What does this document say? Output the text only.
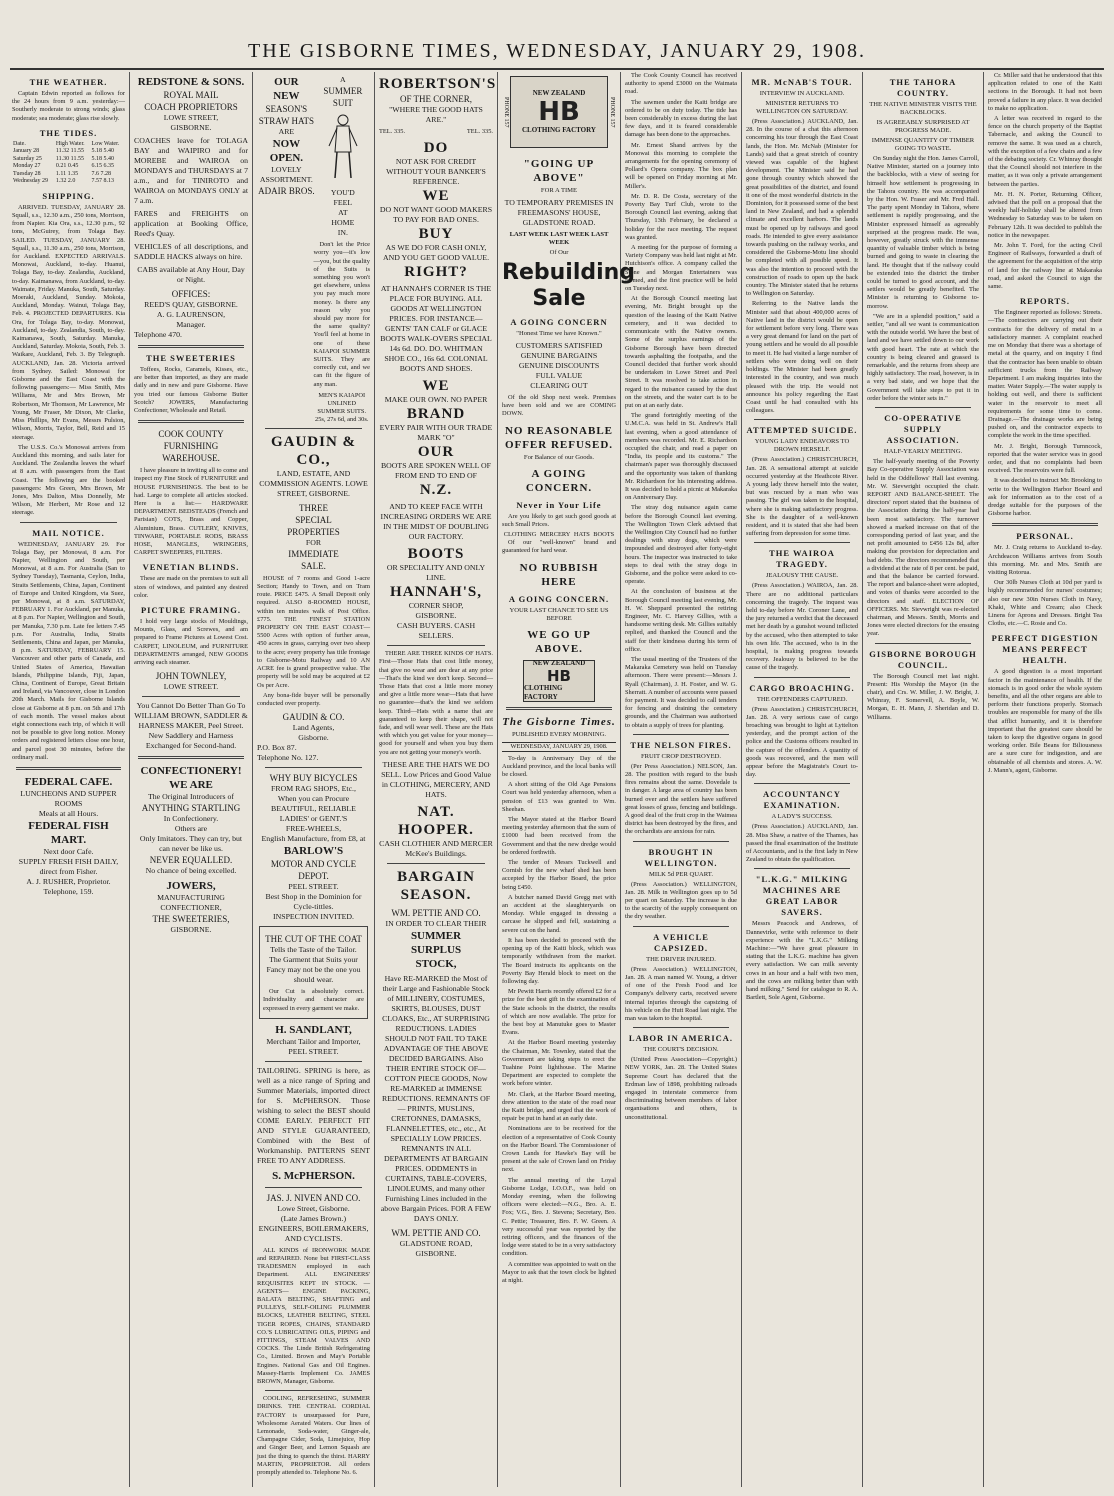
THE GISBORNE TIMES, WEDNESDAY, JANUARY 29, 1908.
THE WEATHER.
Captain Edwin reported as follows for the 24 hours from 9 a.m. yesterday:—Southerly moderate to strong winds; glass moderate; sea moderate; glass rise slowly.
THE TIDES.
Date.	High Water.	Low Water.
January 28	11.32 11.55	5.18 5.40
Saturday 25	11.30 11.55	5.18 5.40
Monday 27	0.21 0.45	6.15 6.35
Tuesday 28	1.11 1.35	7.6 7.28
Wednesday 29	1.32 2.0	7.57 8.13
SHIPPING.
ARRIVED. TUESDAY, JANUARY 28. Squall, s.s., 12.30 a.m., 250 tons, Morrison, from Napier. Kia Ora, s.s., 12.30 p.m., 92 tons, McGuirey, from Tolaga Bay. SAILED. TUESDAY, JANUARY 28. Squall, s.s., 11.30 a.m., 250 tons, Morrison, for Auckland. EXPECTED ARRIVALS. Monowai, Auckland, to-day. Huanui, Tolaga Bay, to-day. Zealandia, Auckland, to-day. Kaimanawa, from Auckland, to-day. Waimate, Friday. Manuka, South, Saturday. Moeraki, Auckland, Sunday. Mokoia, Auckland, Monday. Wainui, Tolaga Bay, Feb. 4. PROJECTED DEPARTURES. Kia Ora, for Tolaga Bay, to-day. Monowai, Auckland, to-day. Zealandia, South, to-day. Kaimanawa, South, Saturday. Manuka, Auckland, Saturday. Mokoia, South, Feb. 3. Waikare, Auckland, Feb. 3. By Telegraph. AUCKLAND, Jan. 28. Victoria arrived from Sydney. Sailed: Monowai for Gisborne and the East Coast with the following passengers:— Miss Smith, Mrs Williams, Mr and Mrs Brown, Mr Robertson, Mr Thomson, Mr Lawrence, Mr Young, Mr Fraser, Mr Dixon, Mr Clarke, Miss Phillips, Mr Evans, Messrs Pulsion, Wilson, Morris, Taylor, Bell, Reid and 15 steerage.
The U.S.S. Co.'s Monowai arrives from Auckland this morning, and sails later for Auckland. The Zealandia leaves the wharf at 8 a.m. with passengers from the East Coast. The following are the booked passengers: Mrs Green, Mrs Brown, Mr Jones, Mrs Dalton, Miss Donnelly, Mr Wilson, Mr Herbert, Mr Rose and 12 steerage.
MAIL NOTICE.
WEDNESDAY, JANUARY 29. For Tolaga Bay, per Monowai, 8 a.m. For Napier, Wellington and South, per Monowai, at 8 a.m. For Australia (San to Sydney Tuesday), Tasmania, Ceylon, India, Straits Settlements, China, Japan, Continent of Europe and United Kingdom, via Suez, per Monowai, at 8 a.m. SATURDAY, FEBRUARY 1. For Auckland, per Manuka, at 8 p.m. For Napier, Wellington and South, per Manuka, 7.30 p.m. Late fee letters 7.45 p.m. For Australia, India, Straits Settlements, China and Japan, per Manuka, 8 p.m. SATURDAY, FEBRUARY 15. Vancouver and other parts of Canada, and United States of America, Hawaiian Islands, Philippine Islands, Fiji, Japan, China, Continent of Europe, Great Britain and Ireland, via Vancouver, close in London 20th March. Mails for Gisborne Islands close at Gisborne at 8 p.m. on 5th and 17th of each month. The vessel makes about eight connections each trip, of which it will not be possible to give long notice. Money orders and registered letters close one hour, and parcel post 30 minutes, before the ordinary mail.
FEDERAL CAFE.
LUNCHEONS AND SUPPER ROOMS
Meals at all Hours.
FEDERAL FISH MART.
Next door Cafe.
SUPPLY FRESH FISH DAILY, direct from Fisher.
A. J. RUSHER, Proprietor.
Telephone, 159.
REDSTONE & SONS.
ROYAL MAIL
COACH PROPRIETORS
LOWE STREET,
GISBORNE.
COACHES leave for TOLAGA BAY and WAIPIRO and for MOREBE and WAIROA on MONDAYS and THURSDAYS at 7 a.m., and for TINIROTO and WAIROA on MONDAYS ONLY at 7 a.m.
FARES and FREIGHTS on application at Booking Office, Reed's Quay.
VEHICLES of all descriptions, and SADDLE HACKS always on hire.
CABS available at Any Hour, Day or Night.
OFFICES:
REED'S QUAY, GISBORNE.
A. G. LAURENSON,
Manager.
Telephone 470.
THE SWEETERIES
Toffees, Rocks, Caramels, Kisses, etc., are better than imported, as they are made daily and in new and pure Gisborne. Have you tried our famous Gisborne Butter Scotch? JOWERS, Manufacturing Confectioner, Wholesale and Retail.
COOK COUNTY
FURNISHING
WAREHOUSE.
I have pleasure in inviting all to come and inspect my Fine Stock of FURNITURE and HOUSE FURNISHINGS. The best to be had. Large to complete all articles stocked. Here is a list:— HARDWARE DEPARTMENT. BEDSTEADS (French and Parisian) COTS, Brass and Copper, Aluminium, Brass. CUTLERY, KNIVES, TINWARE, PORTABLE RODS, BRASS HOSE, MANGLES, WRINGERS, CARPET SWEEPERS, FILTERS.
VENETIAN BLINDS.
These are made on the premises to suit all sizes of windows, and painted any desired color.
PICTURE FRAMING.
I hold very large stocks of Mouldings, Mounts, Glass, and Screwes, and am prepared to Frame Pictures at Lowest Cost. CARPET, LINOLEUM, and FURNITURE DEPARTMENTS arranged, NEW GOODS arriving each steamer.
JOHN TOWNLEY,
LOWE STREET.
You Cannot Do Better Than Go To WILLIAM BROWN, SADDLER & HARNESS MAKER, Peel Street. New Saddlery and Harness Exchanged for Second-hand.
CONFECTIONERY!
WE ARE
The Original Introducers of
ANYTHING STARTLING
In Confectionery.
Others are
Only Imitators. They can try, but can never be like us.
NEVER EQUALLED.
No chance of being excelled.
JOWERS,
MANUFACTURING CONFECTIONER,
THE SWEETERIES,
GISBORNE.
OUR
NEW
SEASON'S
STRAW HATS
ARE
NOW OPEN.
LOVELY ASSORTMENT.
ADAIR BROS.
A
SUMMER
SUIT
YOU'D
FEEL
AT
HOME
IN.
Don't let the Price worry you—it's low—you, but the quality of the Suits is something you won't get elsewhere, unless you pay much more money. Is there any reason why you should pay more for the same quality? You'll feel at home in one of these KAIAPOI SUMMER SUITS. They are correctly cut, and we can fit the figure of any man.
MEN'S KAIAPOI UNLINED SUMMER SUITS. 25s, 27s 6d, and 30s.
GAUDIN & CO.,
LAND, ESTATE, AND COMMISSION AGENTS. LOWE STREET, GISBORNE.
THREE
SPECIAL
PROPERTIES
FOR
IMMEDIATE
SALE.
HOUSE of 7 rooms and Good 1-acre Section; Handy to Town, and on Tram route. PRICE £475. A Small Deposit only required. ALSO 8-ROOMED HOUSE, within ten minutes walk of Post Office. £775. THE FINEST STATION PROPERTY ON THE EAST COAST—5500 Acres with option of further areas, 450 acres in grass, carrying over two sheep to the acre; every property has title frontage to Gisborne-Motu Railway and 10 AN ACRE fee is grand prospective value. The property will be sold may be acquired at £2 Os per Acre.
Any bona-fide buyer will be personally conducted over property.
GAUDIN & CO.
Land Agents,
Gisborne.
P.O. Box 87.
Telephone No. 127.
WHY BUY BICYCLES
FROM RAG SHOPS, Etc.,
When you can Procure
BEAUTIFUL, RELIABLE
LADIES' or GENT.'S
FREE-WHEELS,
English Manufacture, from £8, at
BARLOW'S
MOTOR AND CYCLE DEPOT.
PEEL STREET.
Best Shop in the Dominion for Cycle-tittles.
INSPECTION INVITED.
THE CUT OF THE COAT
Tells the Taste of the Tailor.
The Garment that Suits your Fancy may not be the one you should wear.
Our Cut is absolutely correct. Individuality and character are expressed in every garment we make.
H. SANDLANT,
Merchant Tailor and Importer,
PEEL STREET.
TAILORING. SPRING is here, as well as a nice range of Spring and Summer Materials, imported direct for S. McPHERSON. Those wishing to select the BEST should COME EARLY. PERFECT FIT AND STYLE GUARANTEED, Combined with the Best of Workmanship. PATTERNS SENT FREE TO ANY ADDRESS.
S. McPHERSON.
JAS. J. NIVEN AND CO.
Lowe Street, Gisborne.
(Late James Brown.)
ENGINEERS, BOILERMAKERS, AND CYCLISTS.
ALL KINDS of IRONWORK MADE and REPAIRED. None but FIRST-CLASS TRADESMEN employed in each Department. ALL ENGINEERS' REQUISITES KEPT IN STOCK. —AGENTS— ENGINE PACKING, BALATA BELTING, SHAFTING and PULLEYS, SELF-OILING PLUMMER BLOCKS, LEATHER BELTING, STEEL TIGER ROPES, CHAINS, STANDARD CO.'S LUBRICATING OILS, PIPING and FITTINGS, STEAM VALVES AND COCKS. The Linde British Refrigerating Co., Limited. Brown and May's Portable Engines. National Gas and Oil Engines. Massey-Harris Implement Co. JAMES BROWN, Manager, Gisborne.
COOLING, REFRESHING, SUMMER DRINKS. THE CENTRAL CORDIAL FACTORY is unsurpassed for Pure, Wholesome Aerated Waters. Our lines of Lemonade, Soda-water, Ginger-ale, Champagne Cider, Soda, Limejuice, Hop and Ginger Beer, and Lemon Squash are just the thing to quench the thirst. HARRY MARTIN, PROPRIETOR. All orders promptly attended to. Telephone No. 6.
ROBERTSON'S
OF THE CORNER,
"WHERE THE GOOD HATS ARE."
TEL. 335.	TEL. 335.
DO
NOT ASK FOR CREDIT WITHOUT YOUR BANKER'S REFERENCE.
WE
DO NOT WANT GOOD MAKERS TO PAY FOR BAD ONES.
BUY
AS WE DO FOR CASH ONLY, AND YOU GET GOOD VALUE.
RIGHT?
AT HANNAH'S CORNER IS THE PLACE FOR BUYING. ALL GOODS AT WELLINGTON PRICES. FOR INSTANCE— GENTS' TAN CALF or GLACE BOOTS WALK-OVERS SPECIAL 14s 6d. DO. DO. WHITMAN SHOE CO., 16s 6d. COLONIAL BOOTS AND SHOES.
WE
MAKE OUR OWN. NO PAPER
BRAND
EVERY PAIR WITH OUR TRADE MARK "O"
OUR
BOOTS ARE SPOKEN WELL OF FROM END TO END OF
N.Z.
AND TO KEEP FACE WITH INCREASING ORDERS WE ARE IN THE MIDST OF DOUBLING OUR FACTORY.
BOOTS
OR SPECIALITY AND ONLY LINE.
HANNAH'S,
CORNER SHOP,
GISBORNE.
CASH BUYERS. CASH SELLERS.
THERE ARE THREE KINDS OF HATS. First—Those Hats that cost little money, that give no wear and are dear at any price—That's the kind we don't keep. Second—Those Hats that cost a little more money and give a little more wear—Hats that have no guarantee—that's the kind we seldom keep. Third—Hats with a name that are guaranteed to keep their shape, will not fade, and will wear well. These are the Hats with which you get value for your money—good for yourself and when you buy them you are not getting your money's worth.
THESE ARE THE HATS WE DO SELL. Low Prices and Good Value in CLOTHING, MERCERY, AND HATS.
NAT. HOOPER.
CASH CLOTHIER AND MERCER McKee's Buildings.
BARGAIN
SEASON.
WM. PETTIE AND CO.
IN ORDER TO CLEAR THEIR
SUMMER
SURPLUS
STOCK,
Have RE-MARKED the Most of their Large and Fashionable Stock of MILLINERY, COSTUMES, SKIRTS, BLOUSES, DUST CLOAKS, Etc., AT SURPRISING REDUCTIONS. LADIES SHOULD NOT FAIL TO TAKE ADVANTAGE OF THE ABOVE DECIDED BARGAINS. Also THEIR ENTIRE STOCK OF— COTTON PIECE GOODS, Now RE-MARKED at IMMENSE REDUCTIONS. REMNANTS OF— PRINTS, MUSLINS, CRETONNES, DAMASKS, FLANNELETTES, etc., etc., At SPECIALLY LOW PRICES. REMNANTS IN ALL DEPARTMENTS AT BARGAIN PRICES. ODDMENTS in CURTAINS, TABLE-COVERS, LINOLEUMS, and many other Furnishing Lines included in the above Bargain Prices. FOR A FEW DAYS ONLY.
WM. PETTIE AND CO.
GLADSTONE ROAD,
GISBORNE.
PHONE 157
NEW ZEALAND
HB
CLOTHING FACTORY
PHONE 157
"GOING UP ABOVE"
FOR A TIME
TO TEMPORARY PREMISES IN FREEMASONS' HOUSE, GLADSTONE ROAD.
LAST WEEK LAST WEEK LAST WEEK
Of Our
Rebuilding
Sale
A GOING CONCERN
"Honest Time we have Known."
CUSTOMERS SATISFIED
GENUINE BARGAINS
GENUINE DISCOUNTS
FULL VALUE
CLEARING OUT
Of the old Shop next week. Premises have been sold and we are COMING DOWN.
NO REASONABLE OFFER REFUSED.
For Balance of our Goods.
A GOING CONCERN.
Never in Your Life
Are you likely to get such good goods at such Small Prices.
CLOTHING MERCERY HATS BOOTS
Of our "well-known" brand and guaranteed for hard wear.
NO RUBBISH HERE
A GOING CONCERN.
YOUR LAST CHANCE TO SEE US BEFORE
WE GO UP ABOVE.
NEW ZEALAND
HB
CLOTHING FACTORY
The Gisborne Times.
PUBLISHED EVERY MORNING.
WEDNESDAY, JANUARY 29, 1908.
To-day is Anniversary Day of the Auckland province, and the local banks will be closed.
A short sitting of the Old Age Pensions Court was held yesterday afternoon, when a pension of £13 was granted to Wm. Sheehan.
The Mayor stated at the Harbor Board meeting yesterday afternoon that the sum of £1000 had been received from the Government and that the new dredge would be ordered forthwith.
The tender of Messrs Tuckwell and Cornish for the new wharf shed has been accepted by the Harbor Board, the price being £450.
A butcher named David Gregg met with an accident at the slaughteryards on Monday. While engaged in dressing a carcase he slipped and fell, sustaining a severe cut on the hand.
It has been decided to proceed with the opening up of the Kaiti block, which was temporarily withdrawn from the market. The Board instructs its applicants on the Poverty Bay Herald block to meet on the following day.
Mr Pewitt Harris recently offered £2 for a prize for the best gift in the examination of the State schools in the district, the results of which are now available. The prize for the best boy at Manutuke goes to Master Evans.
At the Harbor Board meeting yesterday the Chairman, Mr. Townley, stated that the Government are taking steps to erect the Tuahine Point lighthouse. The Marine Department are expected to complete the work before winter.
Mr. Clark, at the Harbor Board meeting, drew attention to the state of the road near the Kaiti bridge, and urged that the work of repair be put in hand at an early date.
Nominations are to be received for the election of a representative of Cook County on the Harbor Board. The Commissioner of Crown Lands for Hawke's Bay will be present at the sale of Crown land on Friday next.
The annual meeting of the Loyal Gisborne Lodge, I.O.O.F., was held on Monday evening, when the following officers were elected:—N.G., Bro. A. E. Fox; V.G., Bro. J. Stevens; Secretary, Bro. C. Pettie; Treasurer, Bro. F. W. Green. A very successful year was reported by the retiring officers, and the finances of the lodge were stated to be in a very satisfactory condition.
A committee was appointed to wait on the Mayor to ask that the town clock be lighted at night.
The Cook County Council has received authority to spend £3000 on the Waimata road.
The sawmen under the Kaiti bridge are ordered to be on duty today. The tide has been considerably in excess during the last few days, and it is feared considerable damage has been done to the approaches.
Mr. Ernest Shand arrives by the Monowai this morning to complete the arrangements for the opening ceremony of Pollard's Opera company. The box plan will be opened on Friday morning at Mr. Miller's.
Mr. D. R. De Costa, secretary of the Poverty Bay Turf Club, wrote to the Borough Council last evening, asking that Thursday, 13th February, be declared a holiday for the race meeting. The request was granted.
A meeting for the purpose of forming a Variety Company was held last night at Mr. Hutchison's office. A company called the Stone and Morgan Entertainers was formed, and the first practice will be held on Tuesday next.
At the Borough Council meeting last evening, Mr. Bright brought up the question of the leasing of the Kaiti Native cemetery, and it was decided to communicate with the Native owners. Some of the surplus earnings of the Gisborne Borough have been directed towards asphalting the footpaths, and the Council decided that further work should be undertaken in Lowe Street and Peel Street. It was resolved to take action in regard to the nuisance caused by the dust on the streets, and the water cart is to be put on at an early date.
The grand fortnightly meeting of the U.M.C.A. was held in St. Andrew's Hall last evening, when a good attendance of members was recorded. Mr. E. Richardson occupied the chair, and read a paper on "India, its people and its customs." The chairman's paper was thoroughly discussed and the opportunity was taken of thanking Mr. Richardson for his interesting address. It was decided to hold a picnic at Makaraka on Anniversary Day.
The stray dog nuisance again came before the Borough Council last evening. The Wellington Town Clerk advised that the Wellington City Council had no further dealings with stray dogs, which were impounded and destroyed after forty-eight hours. The inspector was instructed to take steps to deal with the stray dogs in Gisborne, and the police were asked to co-operate.
At the conclusion of business at the Borough Council meeting last evening, Mr. H. W. Sheppard presented the retiring Engineer, Mr. C. Harvey Gillies, with a handsome writing desk. Mr. Gillies suitably replied, and thanked the Council and the staff for their kindness during his term of office.
The usual meeting of the Trustees of the Makaraka Cemetery was held on Tuesday afternoon. There were present:—Messrs J. Ryall (Chairman), J. H. Foster, and W. G. Sherratt. A number of accounts were passed for payment. It was decided to call tenders for fencing and draining the cemetery grounds, and the Chairman was authorised to obtain a supply of trees for planting.
THE NELSON FIRES.
FRUIT CROP DESTROYED.
(Per Press Association.) NELSON, Jan. 28. The position with regard to the bush fires remains about the same. Dovedale is in danger. A large area of country has been burned over and the settlers have suffered great losses of grass, fencing and buildings. A good deal of the fruit crop in the Waimea district has been destroyed by the fires, and the orchardists are anxious for rain.
BROUGHT IN WELLINGTON.
MILK 5d PER QUART.
(Press Association.) WELLINGTON, Jan. 28. Milk in Wellington goes up to 5d per quart on Saturday. The increase is due to the scarcity of the supply consequent on the dry weather.
A VEHICLE CAPSIZED.
THE DRIVER INJURED.
(Press Association.) WELLINGTON, Jan. 28. A man named W. Young, a driver of one of the Fresh Food and Ice Company's delivery carts, received severe internal injuries through the capsizing of his vehicle on the Hutt Road last night. The man was taken to the hospital.
LABOR IN AMERICA.
THE COURT'S DECISION.
(United Press Association—Copyright.) NEW YORK, Jan. 28. The United States Supreme Court has declared that the Erdman law of 1898, prohibiting railroads engaged in interstate commerce from discriminating between members of labor organisations and others, is unconstitutional.
MR. McNAB'S TOUR.
INTERVIEW IN AUCKLAND.
MINISTER RETURNS TO WELLINGTON ON SATURDAY.
(Press Association.) AUCKLAND, Jan. 28. In the course of a chat this afternoon concerning his tour through the East Coast lands, the Hon. Mr. McNab (Minister for Lands) said that a great stretch of country viewed was capable of the highest development. The Minister said he had gone through country which showed the great possibilities of the district, and found it one of the most wonderful districts in the Dominion, for it possessed some of the best land in New Zealand, and had a splendid climate and excellent harbors. The lands must be opened up by railways and good roads. He intended to give every assistance towards pushing on the railway works, and considered the Gisborne-Motu line should be completed with all possible speed. It was also the intention to proceed with the construction of roads to open up the back country. The Minister stated that he returns to Wellington on Saturday.
Referring to the Native lands the Minister said that about 400,000 acres of Native land in the district would be open for settlement before very long. There was a very great demand for land on the part of young settlers and he would do all possible to meet it. He had visited a large number of settlers who were doing well on their holdings. The Minister had been greatly interested in the country, and was much pleased with the trip. He would not announce his policy regarding the East Coast until he had consulted with his colleagues.
ATTEMPTED SUICIDE.
YOUNG LADY ENDEAVORS TO DROWN HERSELF.
(Press Association.) CHRISTCHURCH, Jan. 28. A sensational attempt at suicide occurred yesterday at the Heathcote River. A young lady threw herself into the water, but was rescued by a man who was passing. The girl was taken to the hospital, where she is making satisfactory progress. She is the daughter of a well-known resident, and it is stated that she had been suffering from depression for some time.
THE WAIROA TRAGEDY.
JEALOUSY THE CAUSE.
(Press Association.) WAIROA, Jan. 28. There are no additional particulars concerning the tragedy. The inquest was held to-day before Mr. Coroner Lane, and the jury returned a verdict that the deceased met her death by a gunshot wound inflicted by the accused, who then attempted to take his own life. The accused, who is in the hospital, is making progress towards recovery. Jealousy is believed to be the cause of the tragedy.
CARGO BROACHING.
THE OFFENDERS CAPTURED.
(Press Association.) CHRISTCHURCH, Jan. 28. A very serious case of cargo broaching was brought to light at Lyttelton yesterday, and the prompt action of the police and the Customs officers resulted in the capture of the offenders. A quantity of goods was recovered, and the men will appear before the Magistrate's Court to-day.
ACCOUNTANCY EXAMINATION.
A LADY'S SUCCESS.
(Press Association.) AUCKLAND, Jan. 28. Miss Shaw, a native of the Thames, has passed the final examination of the Institute of Accountants, and is the first lady in New Zealand to obtain the qualification.
"L.K.G." MILKING MACHINES ARE GREAT LABOR SAVERS.
Messrs Peacock and Andrews, of Dannevirke, write with reference to their experience with the "L.K.G." Milking Machine:—"We have great pleasure in stating that the L.K.G. machine has given every satisfaction. We can milk seventy cows in an hour and a half with two men, and the cows are milking better than with hand milking." Send for catalogue to R. A. Bartlett, Sole Agent, Gisborne.
THE TAHORA COUNTRY.
THE NATIVE MINISTER VISITS THE BACKBLOCKS.
IS AGREEABLY SURPRISED AT PROGRESS MADE.
IMMENSE QUANTITY OF TIMBER GOING TO WASTE.
On Sunday night the Hon. James Carroll, Native Minister, started on a journey into the backblocks, with a view of seeing for himself how settlement is progressing in the Tahora country. He was accompanied by the Hon. W. Fraser and Mr. Fred Hall. The party spent Monday in Tahora, where settlement is rapidly progressing, and the Minister expressed himself as agreeably surprised at the progress made. He was, however, greatly struck with the immense quantity of valuable timber which is being burned and going to waste in clearing the land. He thought that if the railway could be extended into the district the timber could be turned to good account, and the settlers would be greatly benefited. The Minister is returning to Gisborne to-morrow.
"We are in a splendid position," said a settler, "and all we want is communication with the outside world. We have the best of land and we have settled down to our work with good heart. The rate at which the country is being cleared and grassed is remarkable, and the returns from sheep are highly satisfactory. The road, however, is in a very bad state, and we hope that the Government will take steps to put it in order before the winter sets in."
CO-OPERATIVE SUPPLY ASSOCIATION.
HALF-YEARLY MEETING.
The half-yearly meeting of the Poverty Bay Co-operative Supply Association was held in the Oddfellows' Hall last evening. Mr. W. Sievwright occupied the chair. REPORT AND BALANCE-SHEET. The directors' report stated that the business of the Association during the half-year had been most satisfactory. The turnover showed a marked increase on that of the corresponding period of last year, and the net profit amounted to £456 12s 8d, after making due provision for depreciation and bad debts. The directors recommended that a dividend at the rate of 8 per cent. be paid, and that the balance be carried forward. The report and balance-sheet were adopted, and votes of thanks were accorded to the directors and staff. ELECTION OF OFFICERS. Mr. Sievwright was re-elected chairman, and Messrs. Smith, Morris and Jones were elected directors for the ensuing year.
GISBORNE BOROUGH COUNCIL.
The Borough Council met last night. Present: His Worship the Mayor (in the chair), and Crs. W. Miller, J. W. Bright, J. Whinray, F. Somervell, A. Boyle, W. Morgan, E. H. Mann, J. Sheridan and D. Williams.
Cr. Miller said that he understood that this application related to one of the Kaiti sections in the Borough. It had not been proved a failure in any place. It was decided to make no application.
A letter was received in regard to the fence on the church property of the Baptist Tabernacle, and asking the Council to remove the same. It was used as a church, with the exception of a few chairs and a few of the debating society. Cr. Whinray thought that the Council should not interfere in the matter, as it was only a private arrangement between the parties.
Mr. H. N. Porter, Returning Officer, advised that the poll on a proposal that the weekly half-holiday shall be altered from Wednesday to Saturday was to be taken on February 12th. It was decided to publish the notice in the newspaper.
Mr. John T. Ford, for the acting Civil Engineer of Railways, forwarded a draft of the agreement for the acquisition of the strip of land for the railway line at Makaraka road, and asked the Council to sign the same.
REPORTS.
The Engineer reported as follows: Streets.—The contractors are carrying out their contracts for the delivery of metal in a satisfactory manner. A complaint reached me on Monday that there was a shortage of metal at the quarry, and on inquiry I find that the contractor has been unable to obtain sufficient trucks from the Railway Department. I am making inquiries into the matter. Water Supply.—The water supply is holding out well, and there is sufficient water in the reservoir to meet all requirements for some time to come. Drainage.—The drainage works are being pushed on, and the contractor expects to complete the work in the time specified.
Mr. J. Bright, Borough Turnncock, reported that the water service was in good order, and that no complaints had been received. The reservoirs were full.
It was decided to instruct Mr. Brooking to write to the Wellington Harbor Board and ask for information as to the cost of a dredge suitable for the purposes of the Gisborne harbor.
PERSONAL.
Mr. J. Craig returns to Auckland to-day. Archdeacon Williams arrives from South this morning. Mr. and Mrs. Smith are visiting Rotorua.
Our 30lb Nurses Cloth at 10d per yard is highly recommended for nurses' costumes; also our new 30in Nurses Cloth in Navy, Khaki, White and Cream; also Check Linens for Aprons and Dresses. Bright Tea Cloths, etc.—C. Rosie and Co.
PERFECT DIGESTION MEANS PERFECT HEALTH.
A good digestion is a most important factor in the maintenance of health. If the stomach is in good order the whole system benefits, and all the other organs are able to perform their functions properly. Stomach troubles are responsible for many of the ills that afflict humanity, and it is therefore important that the greatest care should be taken to keep the digestive organs in good working order. Bile Beans for Biliousness are a sure cure for indigestion, and are obtainable of all chemists and stores. A. W. J. Mann's, agent, Gisborne.
